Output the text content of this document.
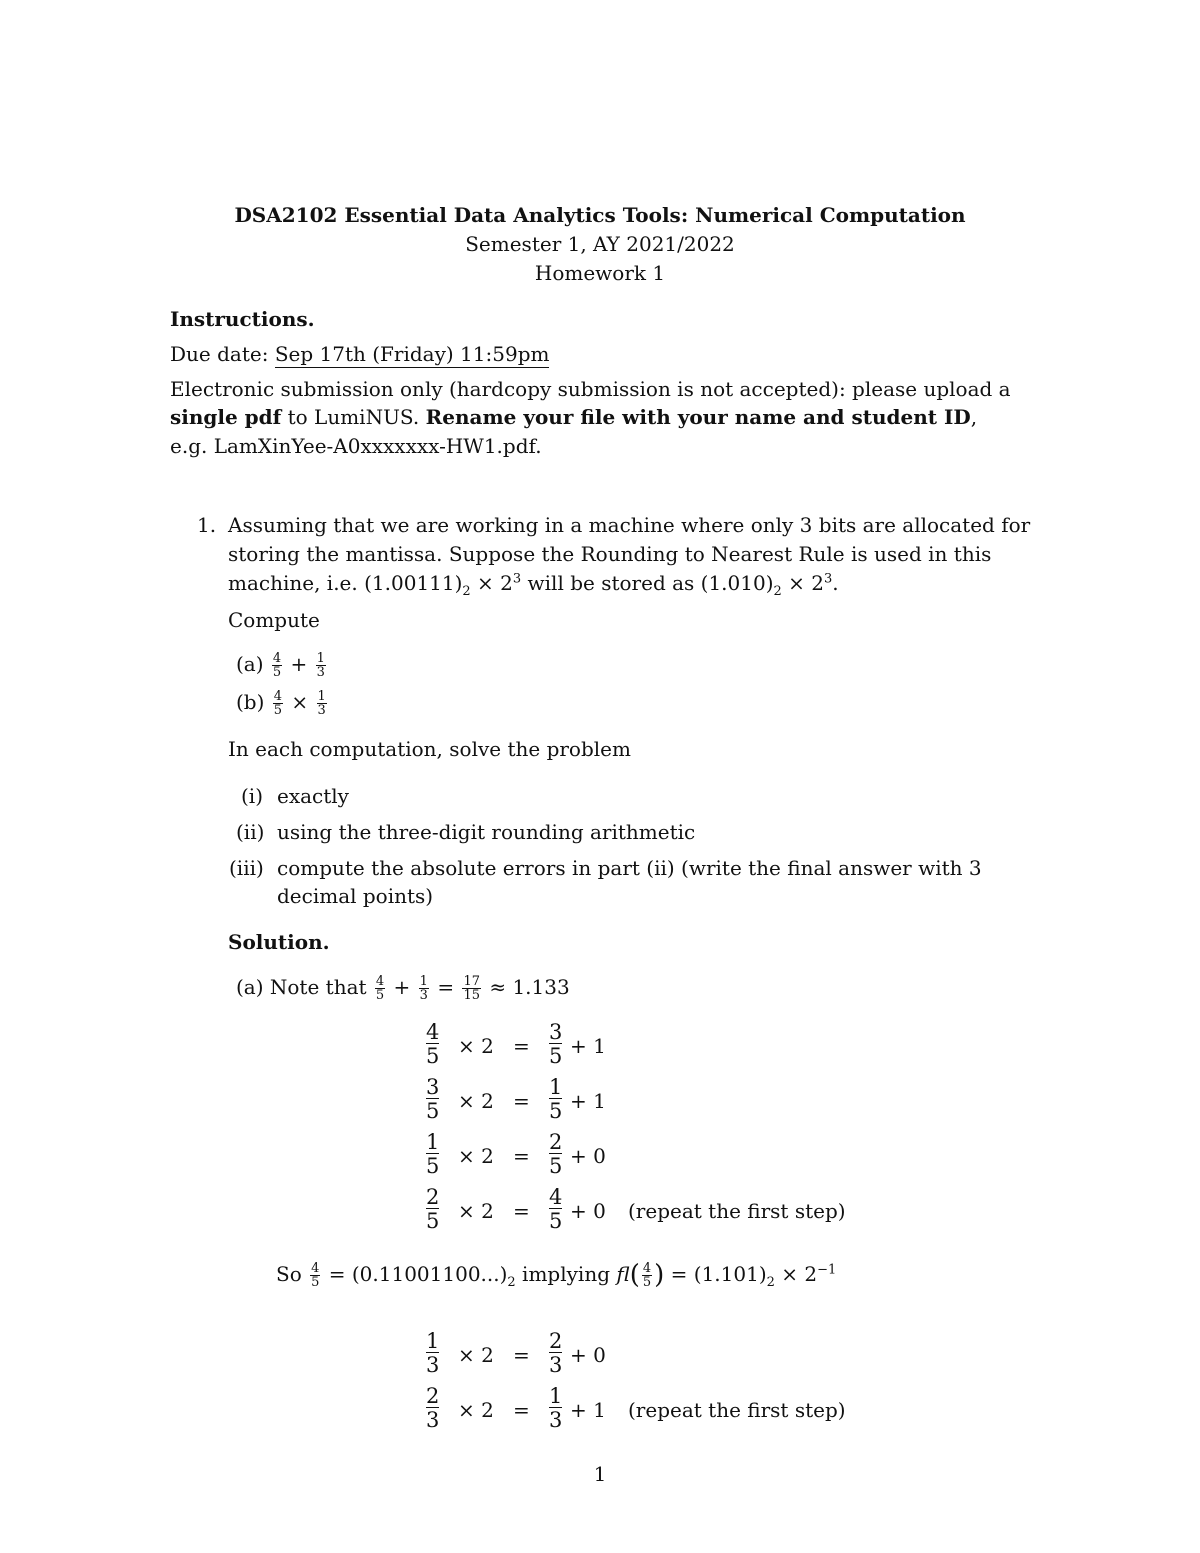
DSA2102 Essential Data Analytics Tools: Numerical Computation
Semester 1, AY 2021/2022
Homework 1
Instructions.
Due date: Sep 17th (Friday) 11:59pm
Electronic submission only (hardcopy submission is not accepted): please upload a
single pdf to LumiNUS. Rename your file with your name and student ID,
e.g. LamXinYee-A0xxxxxxx-HW1.pdf.
1. Assuming that we are working in a machine where only 3 bits are allocated for
storing the mantissa. Suppose the Rounding to Nearest Rule is used in this
machine, i.e. $(1.00111)_2 \times 2^3$ will be stored as $(1.010)_2 \times 2^3$.
Compute
$(a) \frac{4}{5} + \frac{1}{3}$
$(b) \frac{4}{5} \times \frac{1}{3}$
In each computation, solve the problem
(i) exactly
(ii) using the three-digit rounding arithmetic
(iii) compute the absolute errors in part (ii) (write the final answer with 3
decimal points)
Solution.
(a) Note that $\frac{4}{5} + \frac{1}{3} = \frac{17}{15} \approx 1.133$
$\frac{4}{5} \times 2 = \frac{3}{5} + 1$
$\frac{3}{5} \times 2 = \frac{1}{5} + 1$
$\frac{1}{5} \times 2 = \frac{2}{5} + 0$
$\frac{2}{5} \times 2 = \frac{4}{5} + 0$ (repeat the first step)
So $\frac{4}{5} = (0.11001100...)_2$ implying $fl( \frac{4}{5}$ ) = $(1.101)_2 \times 2^{-1}$
$\frac{1}{3} \times 2 = \frac{2}{3} + 0$
$\frac{2}{3} \times 2 = \frac{1}{3} + 1$ (repeat the first step)
1
